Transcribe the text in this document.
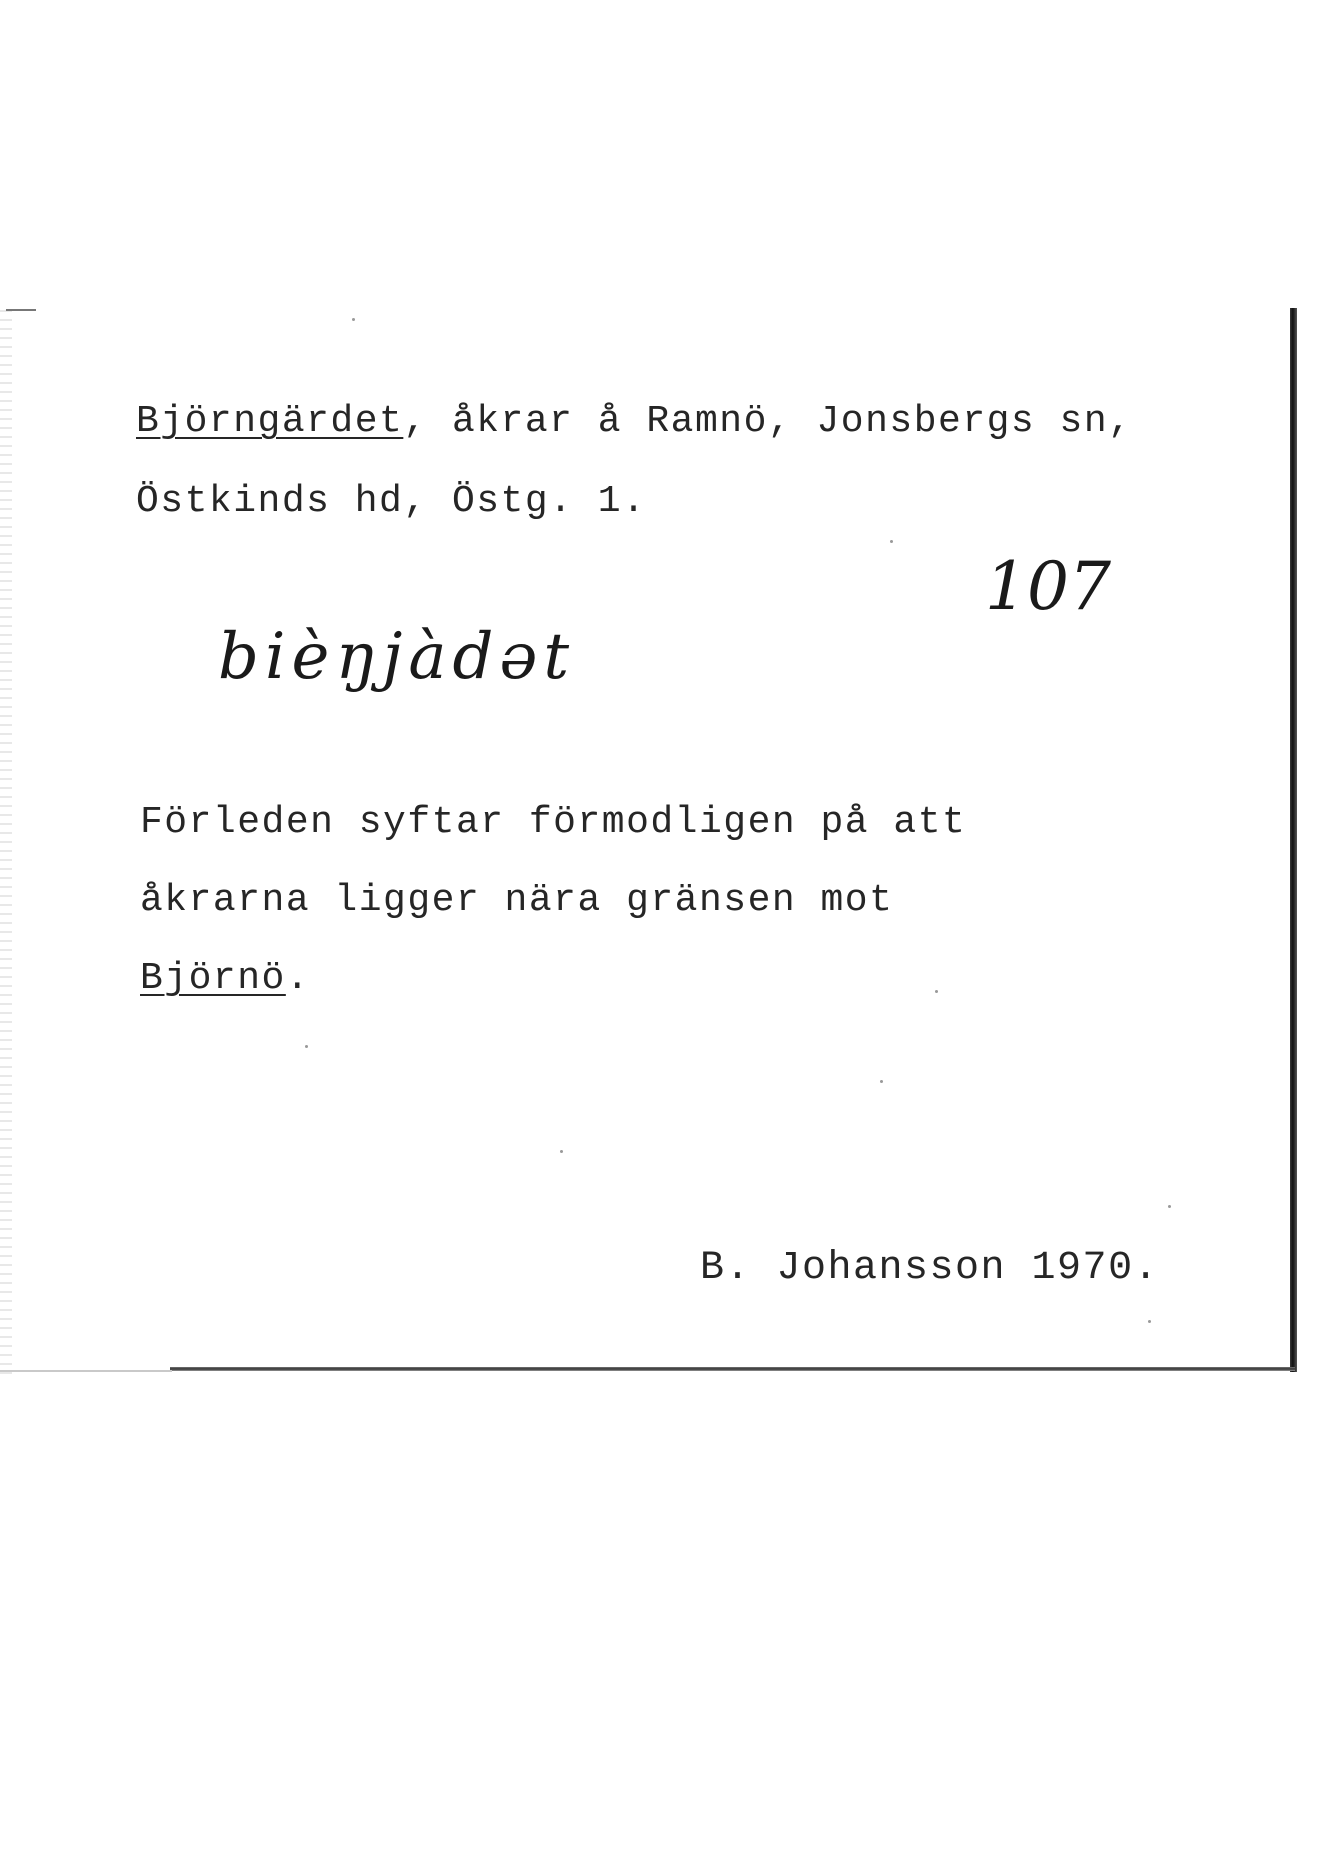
Björngärdet, åkrar å Ramnö, Jonsbergs sn,
Östkinds hd, Östg. 1.
107
bièŋjàdət
Förleden syftar förmodligen på att
åkrarna ligger nära gränsen mot
Björnö.
B. Johansson 1970.
